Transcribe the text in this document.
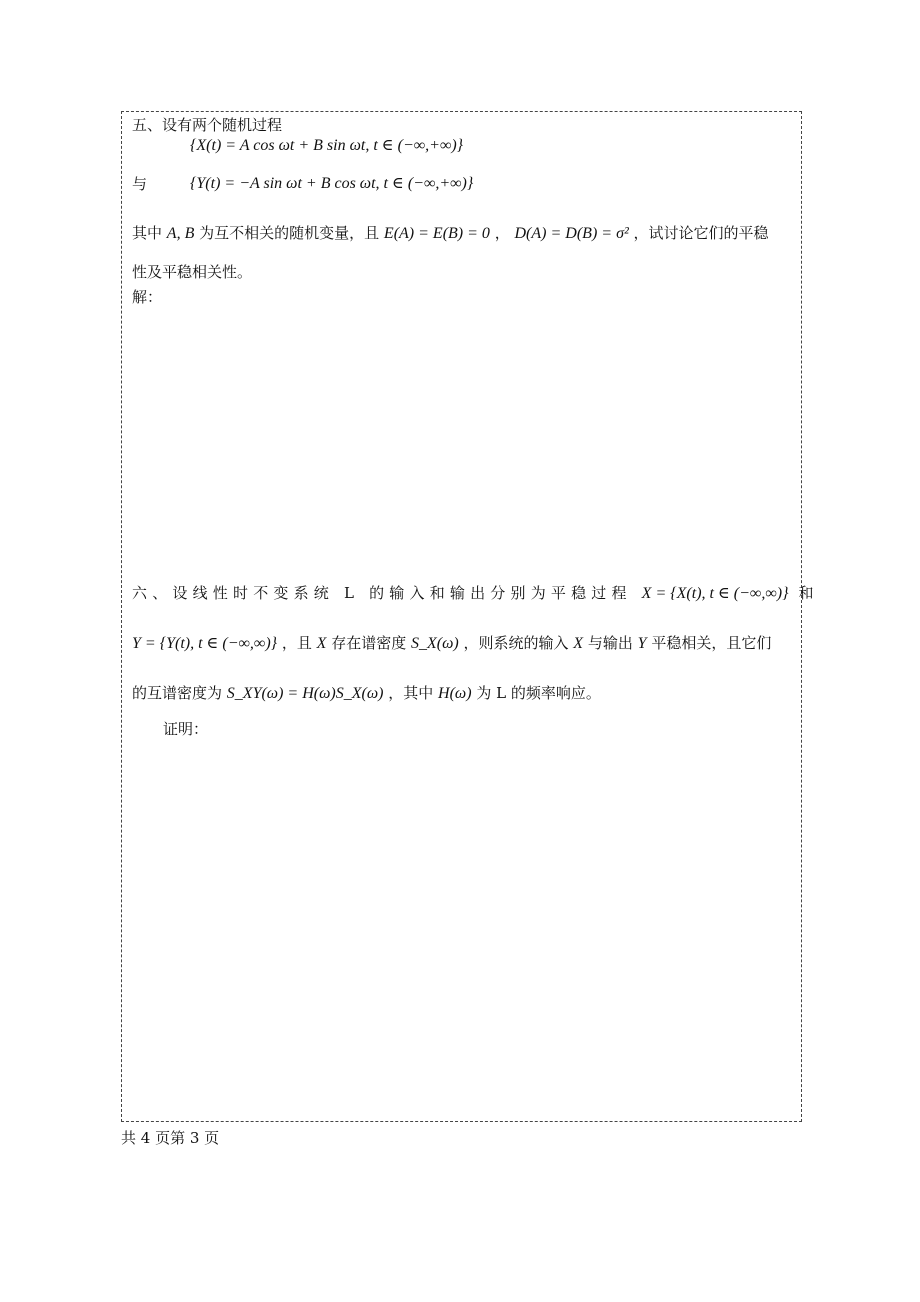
五、设有两个随机过程
{X(t) = A cos ωt + B sin ωt, t ∈ (−∞,+∞)}
与	{Y(t) = −A sin ωt + B cos ωt, t ∈ (−∞,+∞)}
其中 A, B 为互不相关的随机变量，且 E(A) = E(B) = 0 ， D(A) = D(B) = σ² ，试讨论它们的平稳
性及平稳相关性。
解：
六、设线性时不变系统 L 的输入和输出分别为平稳过程 X = {X(t), t ∈ (−∞,∞)} 和
Y = {Y(t), t ∈ (−∞,∞)} ，且 X 存在谱密度 S_X(ω) ，则系统的输入 X 与输出 Y 平稳相关，且它们
的互谱密度为 S_XY(ω) = H(ω)S_X(ω) ，其中 H(ω) 为 L 的频率响应。
证明：
共 4 页第 3 页
